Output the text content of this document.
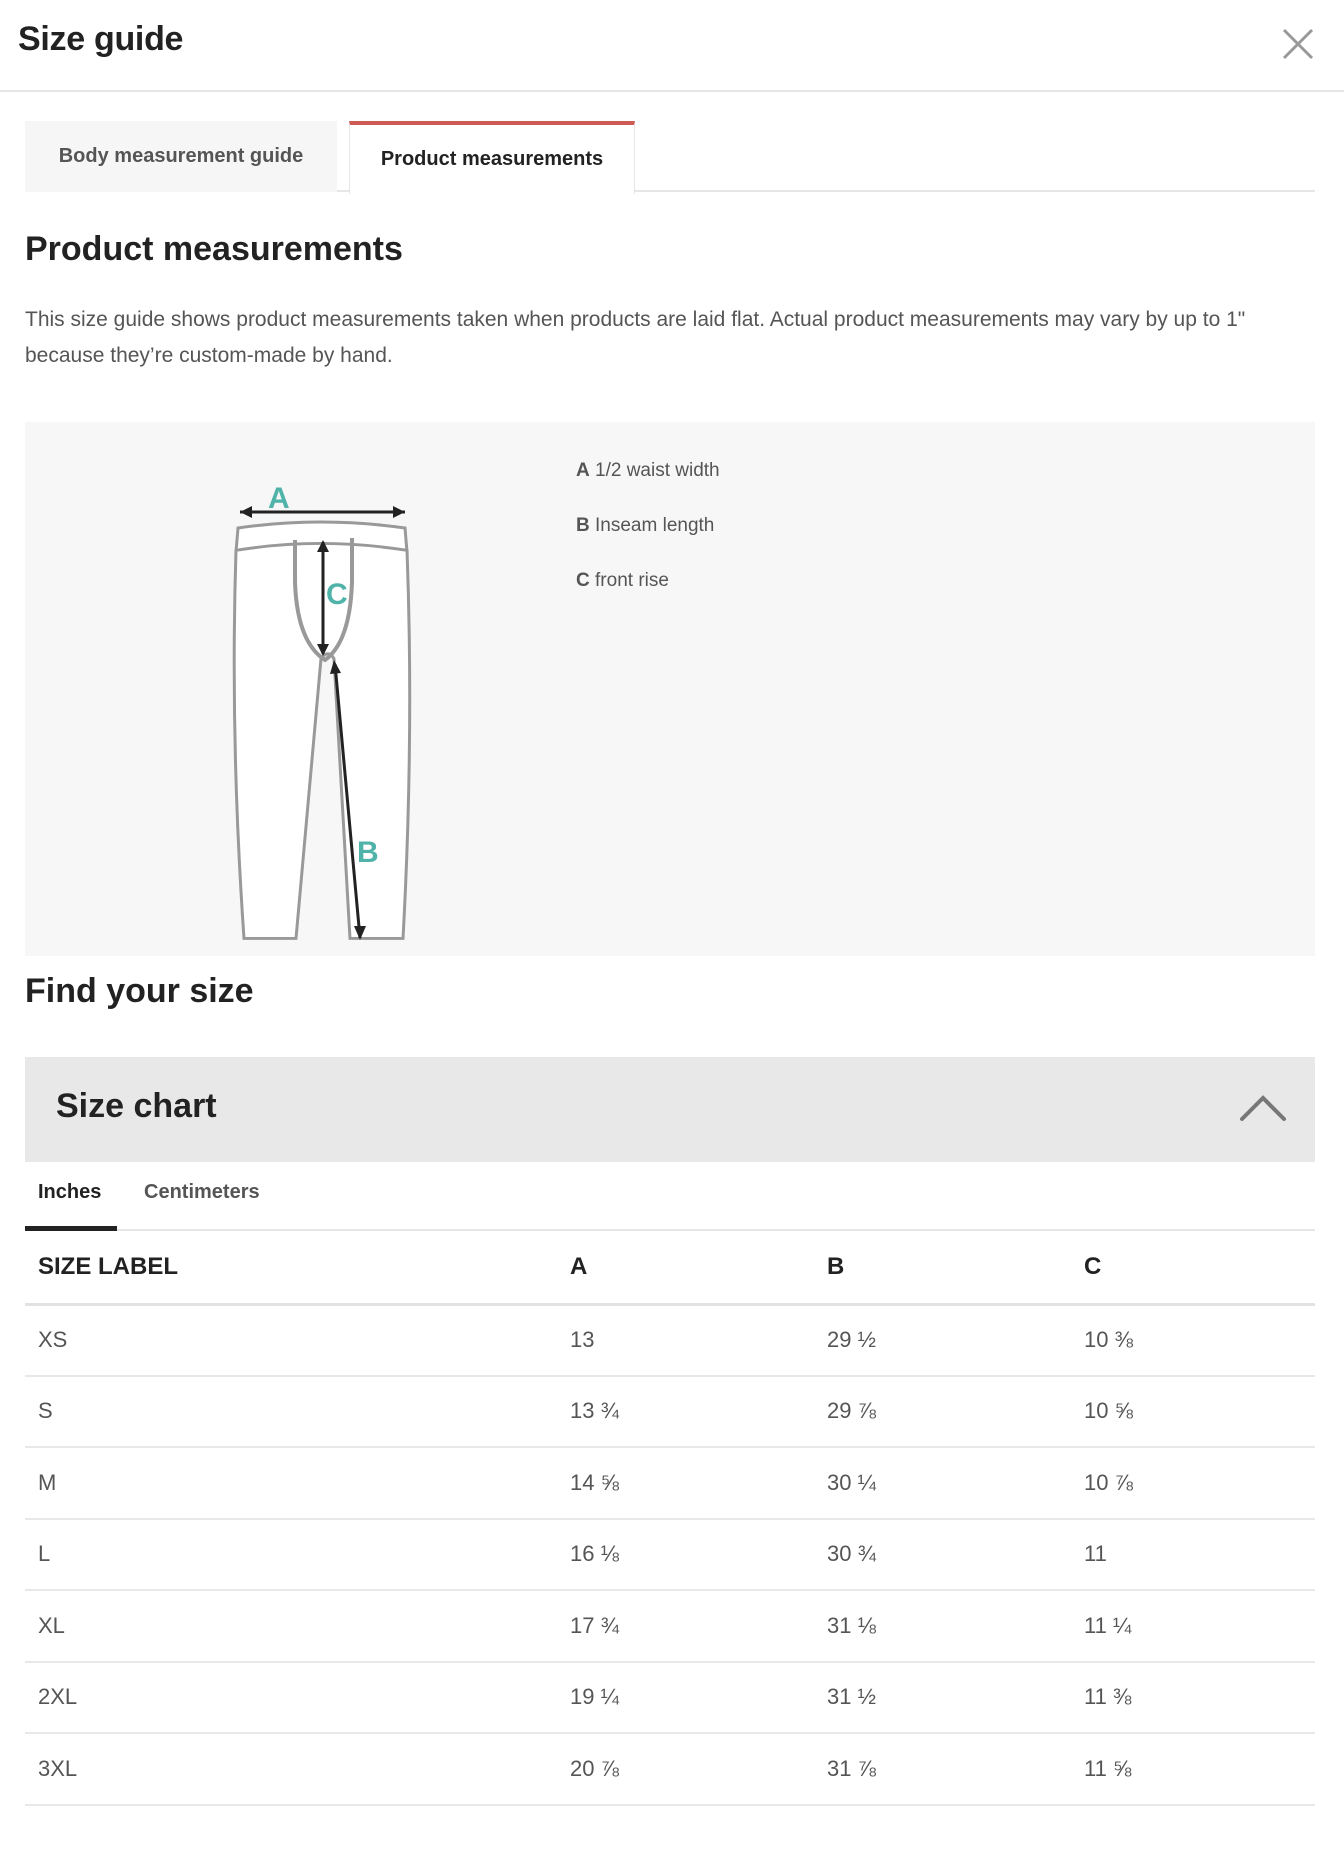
Size guide
Body measurement guide	Product measurements
Product measurements

This size guide shows product measurements taken when products are laid flat. Actual product measurements may vary by up to 1" because they’re custom-made by hand.

A
C
B
A 1/2 waist width
B Inseam length
C front rise
Find your size
Size chart
Inches Centimeters
SIZE LABEL	A	B	C
XS	13	29 ½	10 ⅜
S	13 ¾	29 ⅞	10 ⅝
M	14 ⅝	30 ¼	10 ⅞
L	16 ⅛	30 ¾	11
XL	17 ¾	31 ⅛	11 ¼
2XL	19 ¼	31 ½	11 ⅜
3XL	20 ⅞	31 ⅞	11 ⅝
